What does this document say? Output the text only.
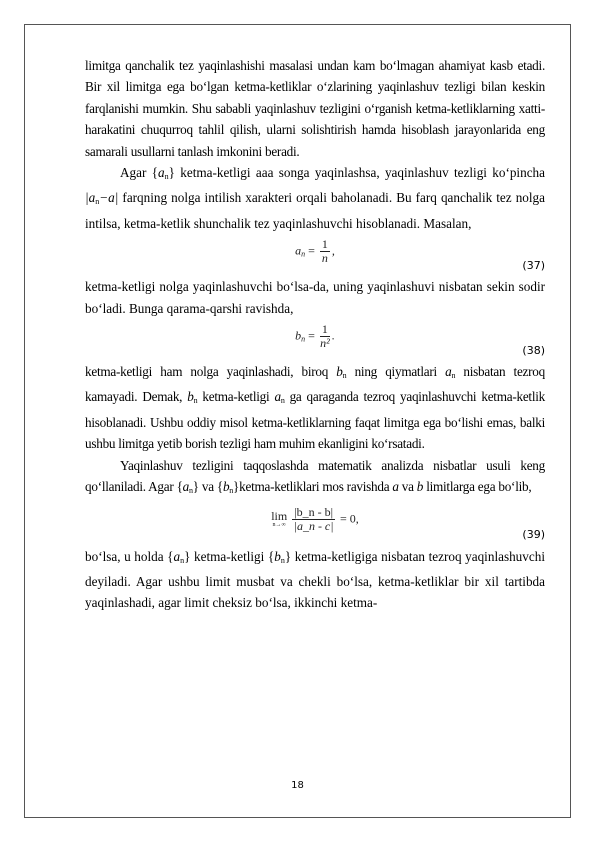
limitga qanchalik tez yaqinlashishi masalasi undan kam bo‘lmagan ahamiyat kasb etadi. Bir xil limitga ega bo‘lgan ketma-ketliklar o‘zlarining yaqinlashuv tezligi bilan keskin farqlanishi mumkin. Shu sababli yaqinlashuv tezligini o‘rganish ketma-ketliklarning xatti-harakatini chuqurroq tahlil qilish, ularni solishtirish hamda hisoblash jarayonlarida eng samarali usullarni tanlash imkonini beradi.

Agar $\{a_n\}$ ketma-ketligi aaa songa yaqinlashsa, yaqinlashuv tezligi ko‘pincha $|a_n-a|$ farqning nolga intilish xarakteri orqali baholanadi. Bu farq qanchalik tez nolga intilsa, ketma-ketlik shunchalik tez yaqinlashuvchi hisoblanadi. Masalan,

$a_n = \frac{1}{n}$ ,
(37)

ketma-ketligi nolga yaqinlashuvchi bo‘lsa-da, uning yaqinlashuvi nisbatan sekin sodir bo‘ladi. Bunga qarama-qarshi ravishda,

$b_n = \frac{1}{\text{n²}}$ .
(38)

ketma-ketligi ham nolga yaqinlashadi, biroq $b_n$ ning qiymatlari $a_n$ nisbatan tezroq kamayadi. Demak, $b_n$ ketma-ketligi $a_n$ ga qaraganda tezroq yaqinlashuvchi ketma-ketlik hisoblanadi. Ushbu oddiy misol ketma-ketliklarning faqat limitga ega bo‘lishi emas, balki ushbu limitga yetib borish tezligi ham muhim ekanligini ko‘rsatadi.

Yaqinlashuv tezligini taqqoslashda matematik analizda nisbatlar usuli keng qo‘llaniladi. Agar $\{a_n\}$ va $\{b_n\}ketma$-ketliklari mos ravishda a va b limitlarga ega bo‘lib,

lim
n→∞
$\frac{|b\_n - b|}{|a\_n - c|} = 0$,
(39)

bo‘lsa, u holda $\{a_n\}$ ketma-ketligi $\{b_n\}$ ketma-ketligiga nisbatan tezroq yaqinlashuvchi deyiladi. Agar ushbu limit musbat va chekli bo‘lsa, ketma-ketliklar bir xil tartibda yaqinlashadi, agar limit cheksiz bo‘lsa, ikkinchi ketma-

18
